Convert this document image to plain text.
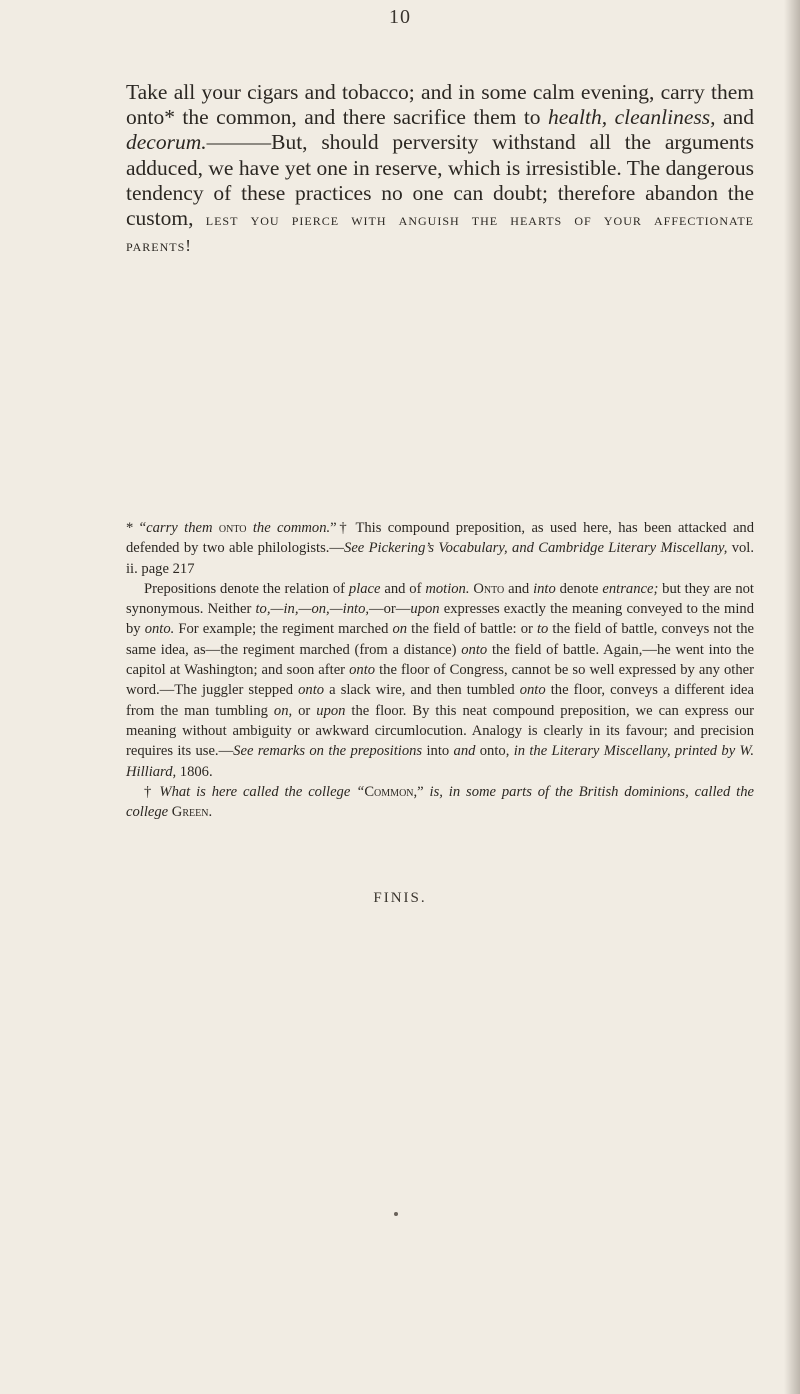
10

Take all your cigars and tobacco; and in some calm evening, carry them onto* the common, and there sacrifice them to health, cleanliness, and decorum.———But, should perversity withstand all the arguments adduced, we have yet one in reserve, which is irresistible. The dangerous tendency of these practices no one can doubt; therefore abandon the custom, lest you pierce with anguish the hearts of your affectionate parents!

* “carry them onto the common.”† This compound preposition, as used here, has been attacked and defended by two able philologists.—See Pickering’s Vocabulary, and Cambridge Literary Miscellany, vol. ii. page 217

Prepositions denote the relation of place and of motion. Onto and into denote entrance; but they are not synonymous. Neither to,—in,—on,—into,—or—upon expresses exactly the meaning conveyed to the mind by onto. For example; the regiment marched on the field of battle: or to the field of battle, conveys not the same idea, as—the regiment marched (from a distance) onto the field of battle. Again,—he went into the capitol at Washington; and soon after onto the floor of Congress, cannot be so well expressed by any other word.—The juggler stepped onto a slack wire, and then tumbled onto the floor, conveys a different idea from the man tumbling on, or upon the floor. By this neat compound preposition, we can express our meaning without ambiguity or awkward circumlocution. Analogy is clearly in its favour; and precision requires its use.—See remarks on the prepositions into and onto, in the Literary Miscellany, printed by W. Hilliard, 1806.

† What is here called the college “Common,” is, in some parts of the British dominions, called the college Green.

FINIS.
